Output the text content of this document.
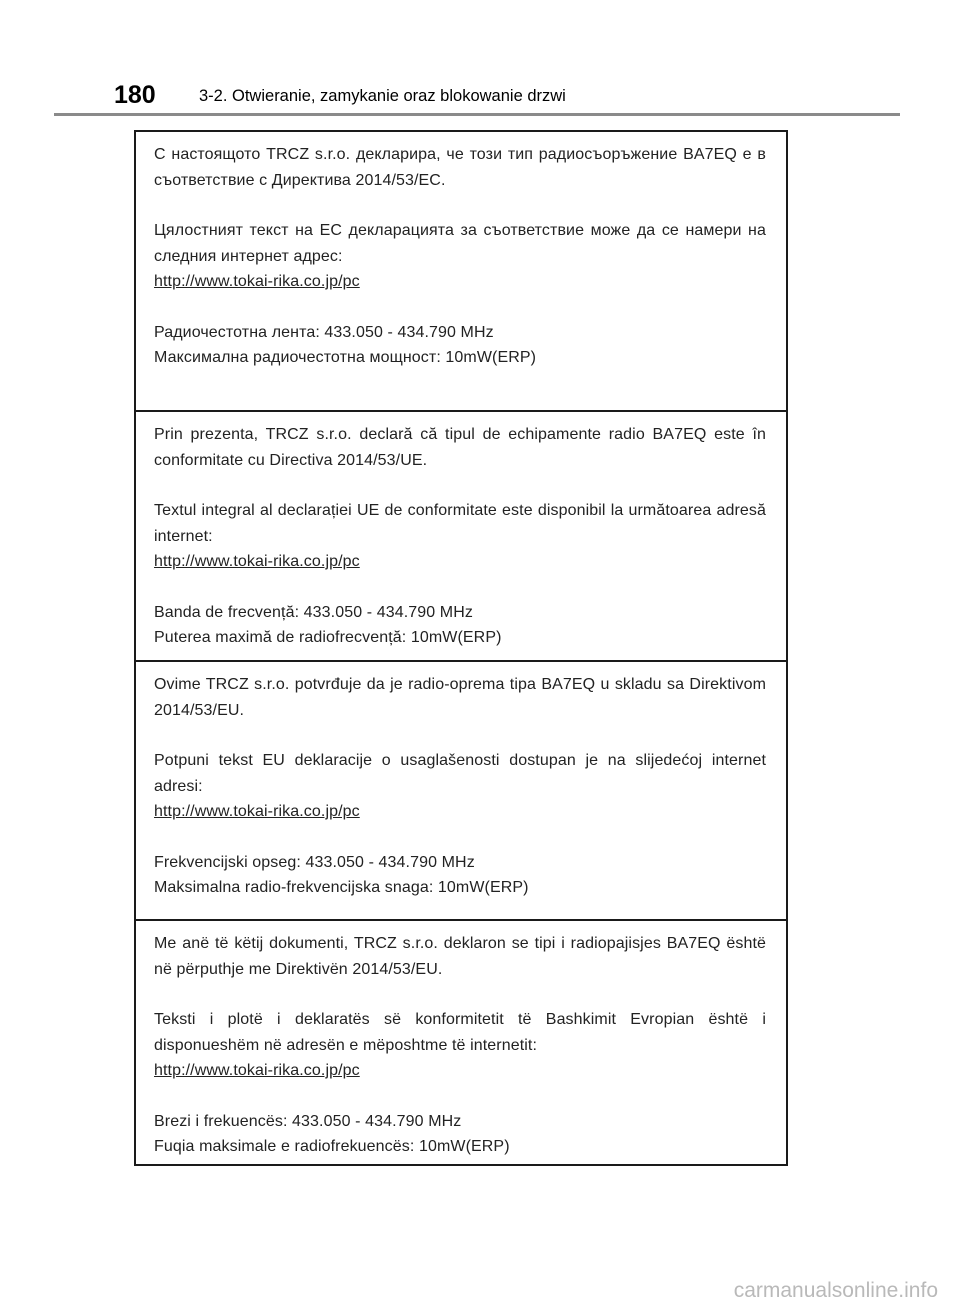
180	3-2. Otwieranie, zamykanie oraz blokowanie drzwi

С настоящото TRCZ s.r.o. декларира, че този тип радиосъоръжение BA7EQ е в съответствие с Директива 2014/53/EC.

Цялостният текст на ЕС декларацията за съответствие може да се намери на следния интернет адрес:

http://www.tokai-rika.co.jp/pc

Радиочестотна лента: 433.050 - 434.790 MHz

Максимална радиочестотна мощност: 10mW(ERP)

Prin prezenta, TRCZ s.r.o. declară că tipul de echipamente radio BA7EQ este în conformitate cu Directiva 2014/53/UE.

Textul integral al declarației UE de conformitate este disponibil la următoarea adresă internet:

http://www.tokai-rika.co.jp/pc

Banda de frecvență: 433.050 - 434.790 MHz

Puterea maximă de radiofrecvență: 10mW(ERP)

Ovime TRCZ s.r.o. potvrđuje da je radio-oprema tipa BA7EQ u skladu sa Direktivom 2014/53/EU.

Potpuni tekst EU deklaracije o usaglašenosti dostupan je na slijedećoj internet adresi:

http://www.tokai-rika.co.jp/pc

Frekvencijski opseg: 433.050 - 434.790 MHz

Maksimalna radio-frekvencijska snaga: 10mW(ERP)

Me anë të këtij dokumenti, TRCZ s.r.o. deklaron se tipi i radiopajisjes BA7EQ është në përputhje me Direktivën 2014/53/EU.

Teksti i plotë i deklaratës së konformitetit të Bashkimit Evropian është i disponueshëm në adresën e mëposhtme të internetit:

http://www.tokai-rika.co.jp/pc

Brezi i frekuencës: 433.050 - 434.790 MHz

Fuqia maksimale e radiofrekuencës: 10mW(ERP)

carmanualsonline.info
